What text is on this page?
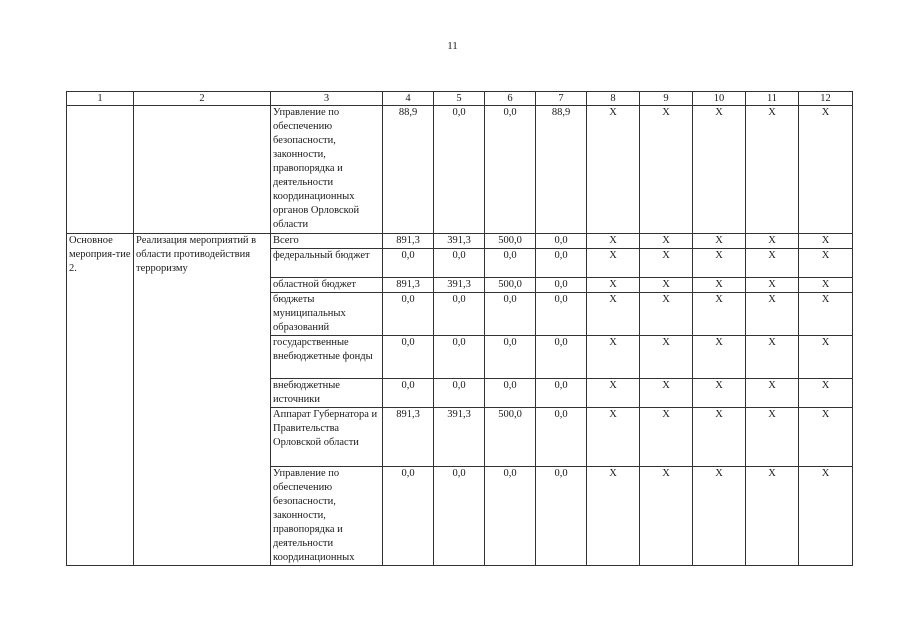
11
1	2	3	4	5	6	7	8	9	10	11	12
		Управление по обеспечению безопасности, законности, правопорядка и деятельности координационных органов Орловской области	88,9	0,0	0,0	88,9	X	X	X	X	X
Основное мероприя-тие 2.	Реализация мероприятий в области противодействия терроризму	Всего	891,3	391,3	500,0	0,0	X	X	X	X	X
		федеральный бюджет	0,0	0,0	0,0	0,0	X	X	X	X	X
		областной бюджет	891,3	391,3	500,0	0,0	X	X	X	X	X
		бюджеты муниципальных образований	0,0	0,0	0,0	0,0	X	X	X	X	X
		государственные внебюджетные фонды	0,0	0,0	0,0	0,0	X	X	X	X	X
		внебюджетные источники	0,0	0,0	0,0	0,0	X	X	X	X	X
		Аппарат Губернатора и Правительства Орловской области	891,3	391,3	500,0	0,0	X	X	X	X	X
		Управление по обеспечению безопасности, законности, правопорядка и деятельности координационных	0,0	0,0	0,0	0,0	X	X	X	X	X
